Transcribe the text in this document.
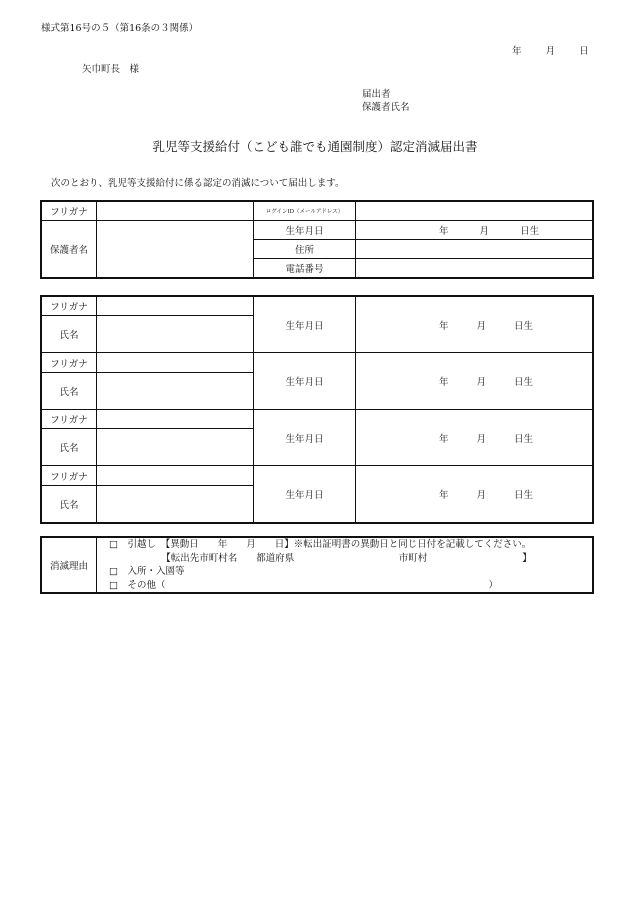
様式第16号の５（第16条の３関係）
年	月	日
矢巾町長　様
届出者
保護者氏名
乳児等支援給付（こども誰でも通園制度）認定消滅届出書
次のとおり、乳児等支援給付に係る認定の消滅について届出します。
フリガナ		ログインID（メールアドレス）	
保護者名		生年月日	年 月 日生
		住所	
		電話番号	
フリガナ		生年月日	年 月 日生
氏名			
フリガナ		生年月日	年 月 日生
氏名			
フリガナ		生年月日	年 月 日生
氏名			
フリガナ		生年月日	年 月 日生
氏名			
消滅理由	
□　引越し　【異動日　　年　　月　　日】※転出証明書の異動日と同じ日付を記載してください。
　　　　　　【転出先市町村名　　都道府県　　　　　　　　　　　市町村　　　　　　　　　　】
□　入所・入園等
□　その他（　　　　　　　　　　　　　　　　　　　　　　　　　　　　　　　　　　）
